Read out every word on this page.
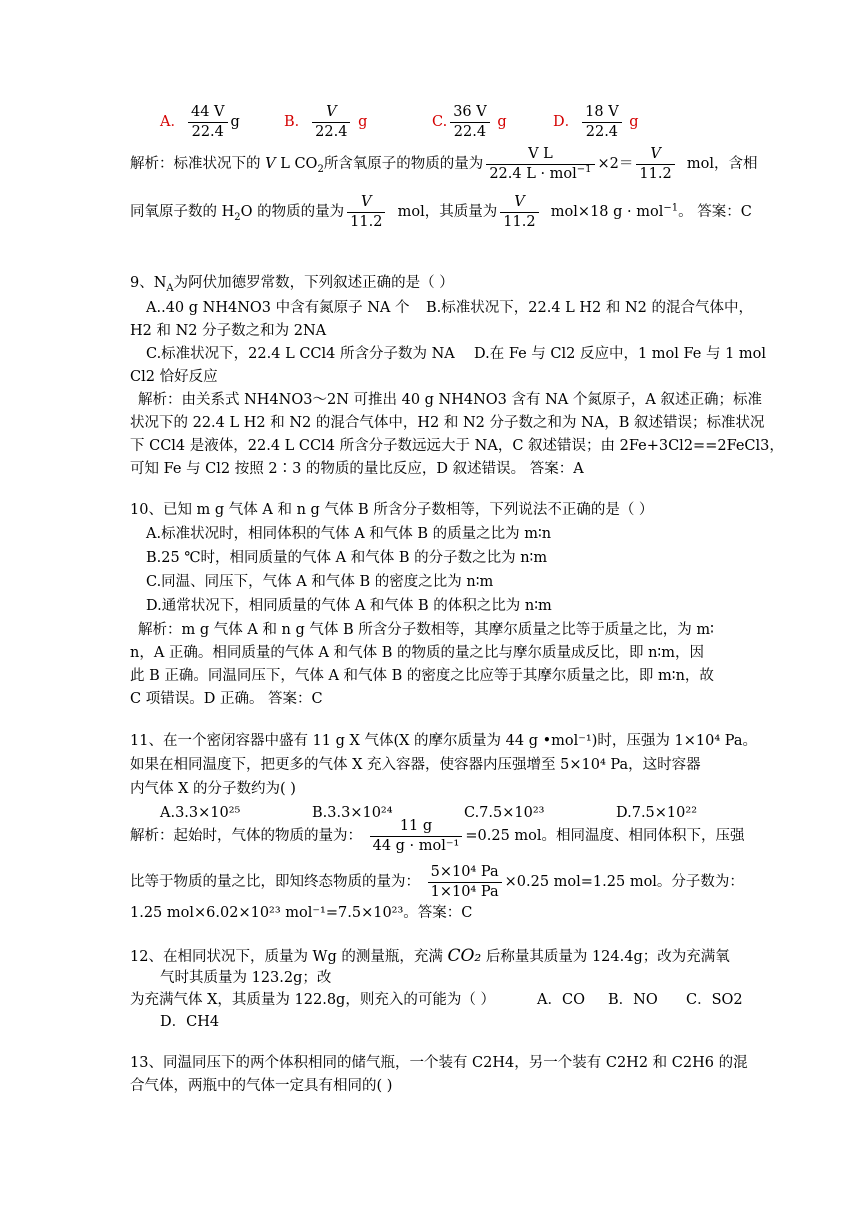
A． $\frac{44 V}{22.4}$ g	B． $\frac{V}{22.4}$ g	C. $\frac{36 V}{22.4}$ g	D． $\frac{18 V}{22.4}$ g
解析：标准状况下的 V L $CO_2$所含氧原子的物质的量为 $\frac{\text{V L}}{22.4 L \cdot mol^{-1}} \times 2= \frac{V}{11.2}$ mol，含相
同氧原子数的 $H_2O$ 的物质的量为 $\frac{V}{11.2}$ mol，其质量为 $\frac{V}{11.2} mol\times 18$ g · mol$^{-1}$。 答案：C
9、$N_A$为阿伏加德罗常数，下列叙述正确的是（ ）
A..40 g NH4NO3 中含有氮原子 NA 个 B.标准状况下，22.4 L H2 和 N2 的混合气体中，
H2 和 N2 分子数之和为 2NA
C.标准状况下，22.4 L CCl4 所含分子数为 NA D.在 Fe 与 Cl2 反应中，1 mol Fe 与 1 mol
Cl2 恰好反应
解析：由关系式 NH4NO3～2N 可推出 40 g NH4NO3 含有 NA 个氮原子，A 叙述正确；标准
状况下的 22.4 L H2 和 N2 的混合气体中，H2 和 N2 分子数之和为 NA，B 叙述错误；标准状况
下 CCl4 是液体，22.4 L CCl4 所含分子数远远大于 NA，C 叙述错误；由 2Fe+3Cl2==2FeCl3，
可知 Fe 与 Cl2 按照 2∶3 的物质的量比反应，D 叙述错误。 答案：A
10、已知 m g 气体 A 和 n g 气体 B 所含分子数相等，下列说法不正确的是（ ）
A.标准状况时，相同体积的气体 A 和气体 B 的质量之比为 m∶n
B.25 ℃时，相同质量的气体 A 和气体 B 的分子数之比为 n∶m
C.同温、同压下，气体 A 和气体 B 的密度之比为 n∶m
D.通常状况下，相同质量的气体 A 和气体 B 的体积之比为 n∶m
解析：m g 气体 A 和 n g 气体 B 所含分子数相等，其摩尔质量之比等于质量之比，为 m∶
n，A 正确。相同质量的气体 A 和气体 B 的物质的量之比与摩尔质量成反比，即 n∶m，因
此 B 正确。同温同压下，气体 A 和气体 B 的密度之比应等于其摩尔质量之比，即 m∶n，故
C 项错误。D 正确。 答案：C
11、在一个密闭容器中盛有 11 g X 气体(X 的摩尔质量为 44 g •mol⁻¹)时，压强为 1×10⁴ Pa。
如果在相同温度下，把更多的气体 X 充入容器，使容器内压强增至 5×10⁴ Pa，这时容器
内气体 X 的分子数约为( )
A.3.3×10²⁵	B.3.3×10²⁴	C.7.5×10²³	D.7.5×10²²
解析：起始时，气体的物质的量为： $\frac{11 g}{\text{44 g · mol⁻¹}} =0.25$ mol。相同温度、相同体积下，压强
比等于物质的量之比，即知终态物质的量为： $\frac{\text{5×10⁴ Pa}}{\text{1×10⁴ Pa}} \times 0.25$ mol=1.25 mol。分子数为：
1.25 mol×6.02×10²³ mol⁻¹=7.5×10²³。答案：C
12、在相同状况下，质量为 Wg 的测量瓶，充满 CO₂ 后称量其质量为 124.4g；改为充满氧
气时其质量为 123.2g；改
为充满气体 X，其质量为 122.8g，则充入的可能为（ ）	A．CO B．NO C．SO2
D．CH4
13、同温同压下的两个体积相同的储气瓶，一个装有 C2H4，另一个装有 C2H2 和 C2H6 的混
合气体，两瓶中的气体一定具有相同的( )
